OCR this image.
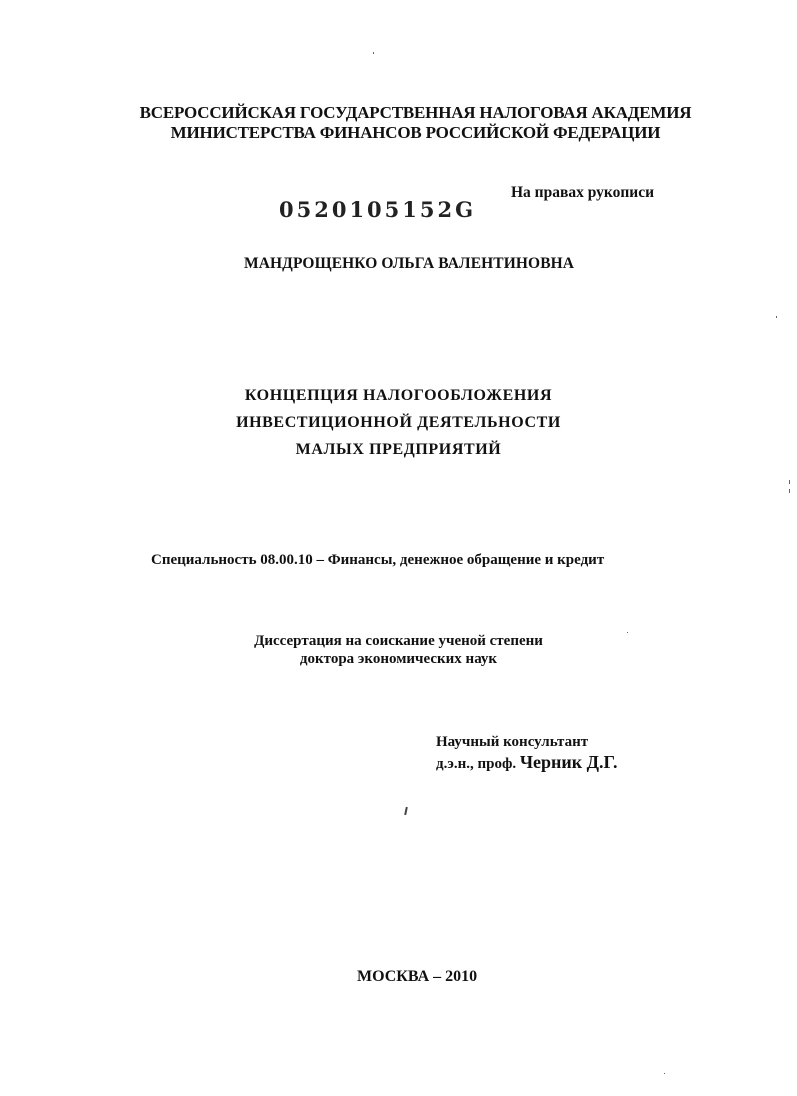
ВСЕРОССИЙСКАЯ ГОСУДАРСТВЕННАЯ НАЛОГОВАЯ АКАДЕМИЯ
МИНИСТЕРСТВА ФИНАНСОВ РОССИЙСКОЙ ФЕДЕРАЦИИ
На правах рукописи
0520105152G
МАНДРОЩЕНКО ОЛЬГА ВАЛЕНТИНОВНА
КОНЦЕПЦИЯ НАЛОГООБЛОЖЕНИЯ
ИНВЕСТИЦИОННОЙ ДЕЯТЕЛЬНОСТИ
МАЛЫХ ПРЕДПРИЯТИЙ
Специальность 08.00.10 – Финансы, денежное обращение и кредит
Диссертация на соискание ученой степени
доктора экономических наук
Научный консультант
д.э.н., проф. Черник Д.Г.
МОСКВА – 2010
